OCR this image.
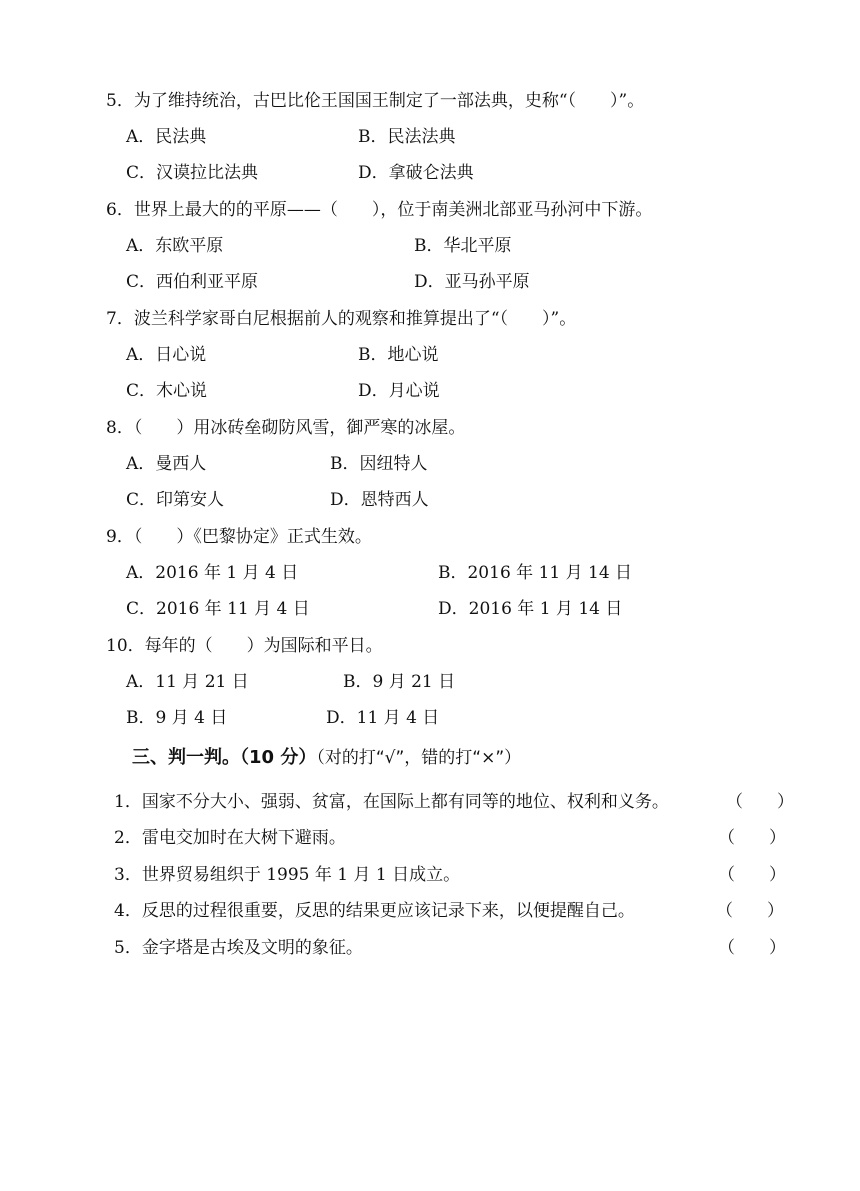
5．为了维持统治，古巴比伦王国国王制定了一部法典，史称“（　　）”。
A．民法典	B．民法法典
C．汉谟拉比法典	D．拿破仑法典
6．世界上最大的的平原——（　　），位于南美洲北部亚马孙河中下游。
A．东欧平原	B．华北平原
C．西伯利亚平原	D．亚马孙平原
7．波兰科学家哥白尼根据前人的观察和推算提出了“（　　）”。
A．日心说	B．地心说
C．木心说	D．月心说
8．（　　）用冰砖垒砌防风雪，御严寒的冰屋。
A．曼西人	B．因纽特人
C．印第安人	D．恩特西人
9．（　　）《巴黎协定》正式生效。
A．2016 年 1 月 4 日	B．2016 年 11 月 14 日
C．2016 年 11 月 4 日	D．2016 年 1 月 14 日
10．每年的（　　）为国际和平日。
A．11 月 21 日	B．9 月 21 日
B．9 月 4 日	D．11 月 4 日
三、判一判。（10 分）（对的打“√”，错的打“×”）
1．国家不分大小、强弱、贫富，在国际上都有同等的地位、权利和义务。	（　　）
2．雷电交加时在大树下避雨。	（　　）
3．世界贸易组织于 1995 年 1 月 1 日成立。	（　　）
4．反思的过程很重要，反思的结果更应该记录下来，以便提醒自己。	（　　）
5．金字塔是古埃及文明的象征。	（　　）
